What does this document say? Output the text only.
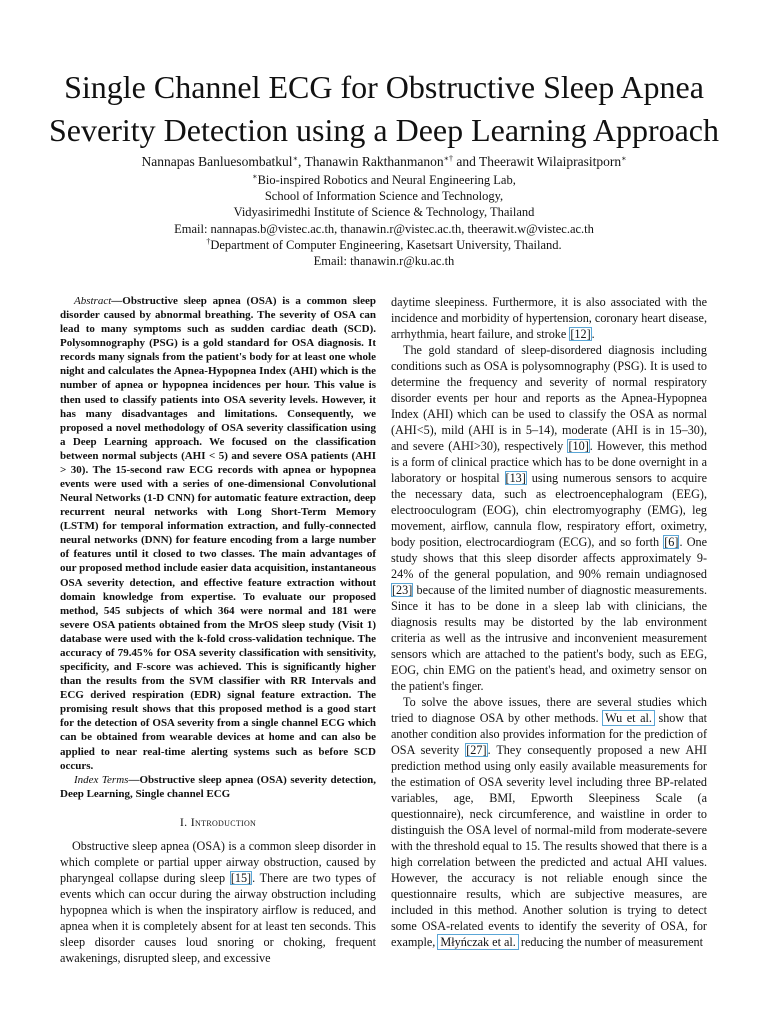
Single Channel ECG for Obstructive Sleep Apnea
Severity Detection using a Deep Learning Approach
Nannapas Banluesombatkul∗, Thanawin Rakthanmanon∗† and Theerawit Wilaiprasitporn∗
∗Bio-inspired Robotics and Neural Engineering Lab,
School of Information Science and Technology,
Vidyasirimedhi Institute of Science & Technology, Thailand
Email: nannapas.b@vistec.ac.th, thanawin.r@vistec.ac.th, theerawit.w@vistec.ac.th
†Department of Computer Engineering, Kasetsart University, Thailand.
Email: thanawin.r@ku.ac.th

Abstract—Obstructive sleep apnea (OSA) is a common sleep disorder caused by abnormal breathing. The severity of OSA can lead to many symptoms such as sudden cardiac death (SCD). Polysomnography (PSG) is a gold standard for OSA diagnosis. It records many signals from the patient's body for at least one whole night and calculates the Apnea-Hypopnea Index (AHI) which is the number of apnea or hypopnea incidences per hour. This value is then used to classify patients into OSA severity levels. However, it has many disadvantages and limitations. Consequently, we proposed a novel methodology of OSA severity classification using a Deep Learning approach. We focused on the classification between normal subjects (AHI < 5) and severe OSA patients (AHI > 30). The 15-second raw ECG records with apnea or hypopnea events were used with a series of one-dimensional Convolutional Neural Networks (1-D CNN) for automatic feature extraction, deep recurrent neural networks with Long Short-Term Memory (LSTM) for temporal information extraction, and fully-connected neural networks (DNN) for feature encoding from a large number of features until it closed to two classes. The main advantages of our proposed method include easier data acquisition, instantaneous OSA severity detection, and effective feature extraction without domain knowledge from expertise. To evaluate our proposed method, 545 subjects of which 364 were normal and 181 were severe OSA patients obtained from the MrOS sleep study (Visit 1) database were used with the k-fold cross-validation technique. The accuracy of 79.45% for OSA severity classification with sensitivity, specificity, and F-score was achieved. This is significantly higher than the results from the SVM classifier with RR Intervals and ECG derived respiration (EDR) signal feature extraction. The promising result shows that this proposed method is a good start for the detection of OSA severity from a single channel ECG which can be obtained from wearable devices at home and can also be applied to near real-time alerting systems such as before SCD occurs.

Index Terms—Obstructive sleep apnea (OSA) severity detection, Deep Learning, Single channel ECG

I. Introduction

Obstructive sleep apnea (OSA) is a common sleep disorder in which complete or partial upper airway obstruction, caused by pharyngeal collapse during sleep [15]. There are two types of events which can occur during the airway obstruction including hypopnea which is when the inspiratory airflow is reduced, and apnea when it is completely absent for at least ten seconds. This sleep disorder causes loud snoring or choking, frequent awakenings, disrupted sleep, and excessive

daytime sleepiness. Furthermore, it is also associated with the incidence and morbidity of hypertension, coronary heart disease, arrhythmia, heart failure, and stroke [12].

The gold standard of sleep-disordered diagnosis including conditions such as OSA is polysomnography (PSG). It is used to determine the frequency and severity of normal respiratory disorder events per hour and reports as the Apnea-Hypopnea Index (AHI) which can be used to classify the OSA as normal (AHI<5), mild (AHI is in 5–14), moderate (AHI is in 15–30), and severe (AHI>30), respectively [10]. However, this method is a form of clinical practice which has to be done overnight in a laboratory or hospital [13] using numerous sensors to acquire the necessary data, such as electroencephalogram (EEG), electrooculogram (EOG), chin electromyography (EMG), leg movement, airflow, cannula flow, respiratory effort, oximetry, body position, electrocardiogram (ECG), and so forth [6]. One study shows that this sleep disorder affects approximately 9-24% of the general population, and 90% remain undiagnosed [23] because of the limited number of diagnostic measurements. Since it has to be done in a sleep lab with clinicians, the diagnosis results may be distorted by the lab environment criteria as well as the intrusive and inconvenient measurement sensors which are attached to the patient's body, such as EEG, EOG, chin EMG on the patient's head, and oximetry sensor on the patient's finger.

To solve the above issues, there are several studies which tried to diagnose OSA by other methods. Wu et al. show that another condition also provides information for the prediction of OSA severity [27]. They consequently proposed a new AHI prediction method using only easily available measurements for the estimation of OSA severity level including three BP-related variables, age, BMI, Epworth Sleepiness Scale (a questionnaire), neck circumference, and waistline in order to distinguish the OSA level of normal-mild from moderate-severe with the threshold equal to 15. The results showed that there is a high correlation between the predicted and actual AHI values. However, the accuracy is not reliable enough since the questionnaire results, which are subjective measures, are included in this method. Another solution is trying to detect some OSA-related events to identify the severity of OSA, for example, Młyńczak et al. reducing the number of measurement
